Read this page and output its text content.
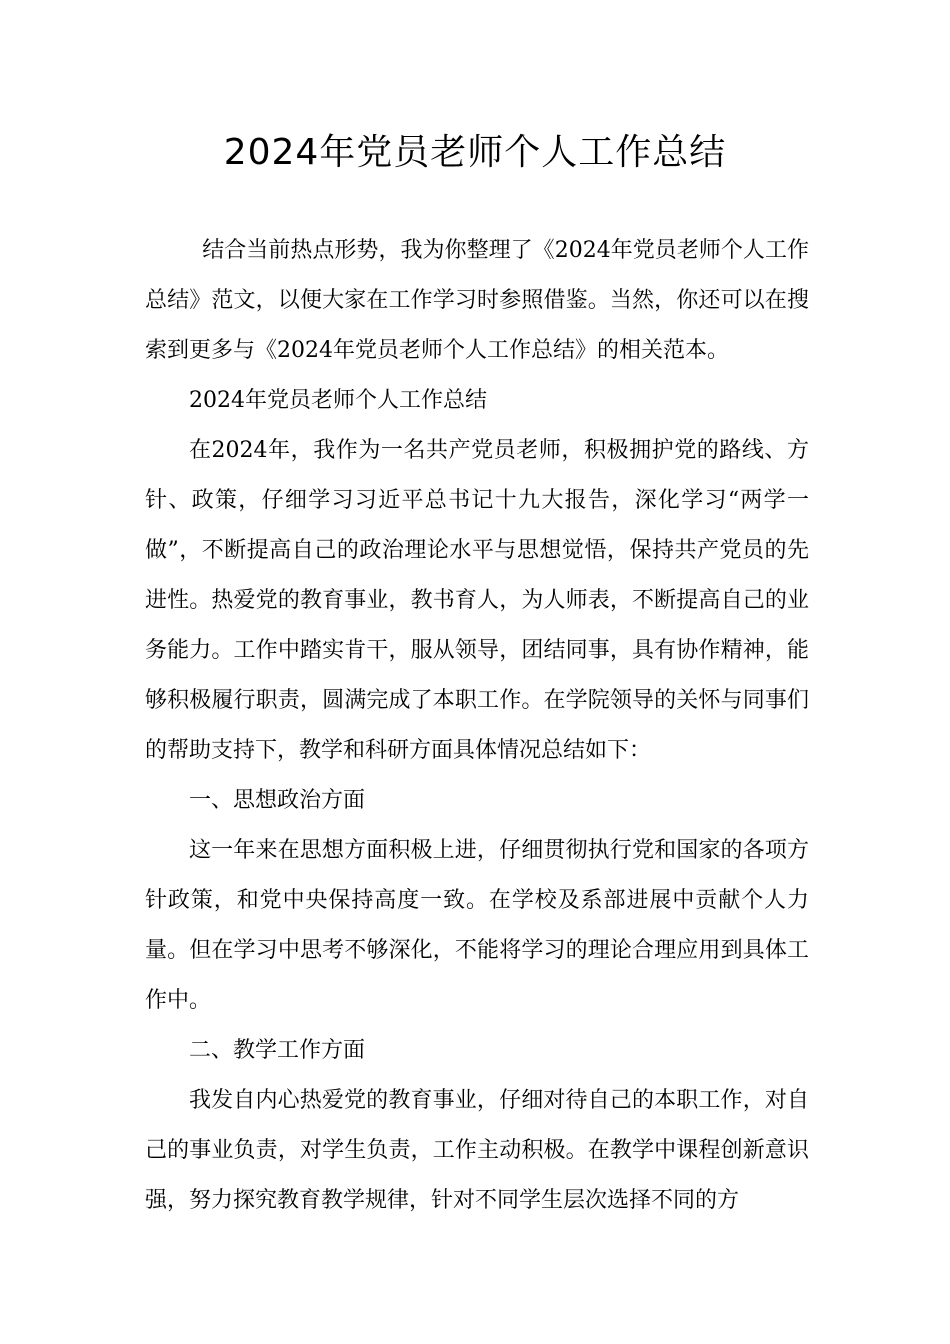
2024年党员老师个人工作总结

结合当前热点形势，我为你整理了《2024年党员老师个人工作总结》范文，以便大家在工作学习时参照借鉴。当然，你还可以在搜索到更多与《2024年党员老师个人工作总结》的相关范本。

2024年党员老师个人工作总结

在2024年，我作为一名共产党员老师，积极拥护党的路线、方针、政策，仔细学习习近平总书记十九大报告，深化学习“两学一做”，不断提高自己的政治理论水平与思想觉悟，保持共产党员的先进性。热爱党的教育事业，教书育人，为人师表，不断提高自己的业务能力。工作中踏实肯干，服从领导，团结同事，具有协作精神，能够积极履行职责，圆满完成了本职工作。在学院领导的关怀与同事们的帮助支持下，教学和科研方面具体情况总结如下：

一、思想政治方面

这一年来在思想方面积极上进，仔细贯彻执行党和国家的各项方针政策，和党中央保持高度一致。在学校及系部进展中贡献个人力量。但在学习中思考不够深化，不能将学习的理论合理应用到具体工作中。

二、教学工作方面

我发自内心热爱党的教育事业，仔细对待自己的本职工作，对自己的事业负责，对学生负责，工作主动积极。在教学中课程创新意识强，努力探究教育教学规律，针对不同学生层次选择不同的方
